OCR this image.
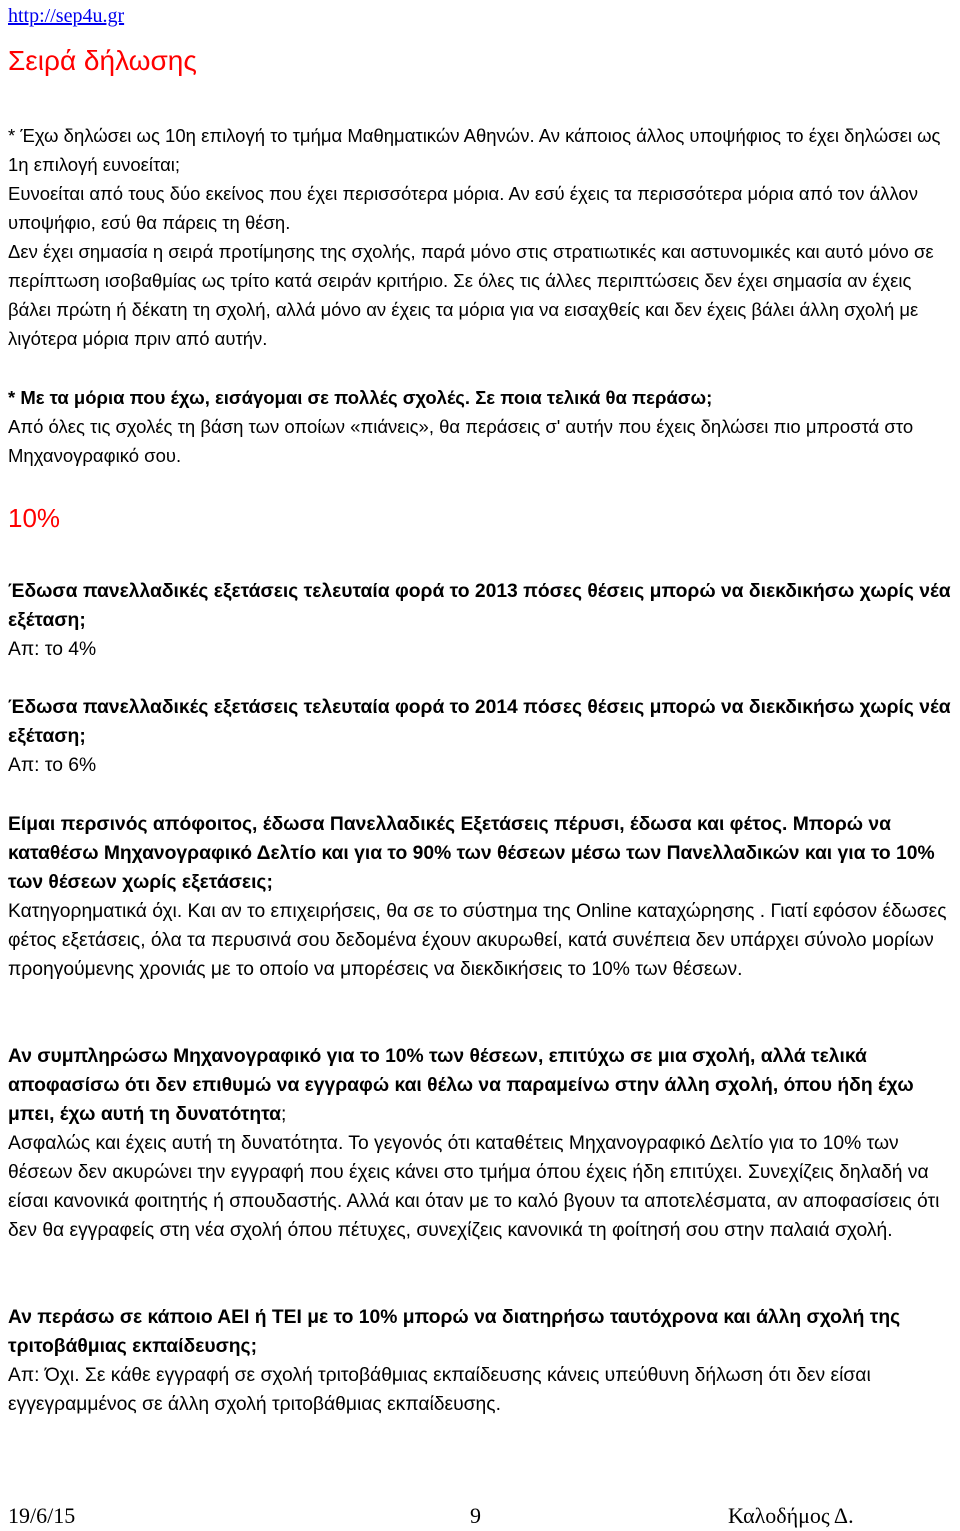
http://sep4u.gr
Σειρά δήλωσης
* Έχω δηλώσει ως 10η επιλογή το τμήμα Μαθηματικών Αθηνών. Αν κάποιος άλλος υποψήφιος το έχει δηλώσει ως 1η επιλογή ευνοείται;
Ευνοείται από τους δύο εκείνος που έχει περισσότερα μόρια. Αν εσύ έχεις τα περισσότερα μόρια από τον άλλον υποψήφιο, εσύ θα πάρεις τη θέση.
Δεν έχει σημασία η σειρά προτίμησης της σχολής, παρά μόνο στις στρατιωτικές και αστυνομικές και αυτό μόνο σε περίπτωση ισοβαθμίας ως τρίτο κατά σειράν κριτήριο. Σε όλες τις άλλες περιπτώσεις δεν έχει σημασία αν έχεις βάλει πρώτη ή δέκατη τη σχολή, αλλά μόνο αν έχεις τα μόρια για να εισαχθείς και δεν έχεις βάλει άλλη σχολή με λιγότερα μόρια πριν από αυτήν.
* Με τα μόρια που έχω, εισάγομαι σε πολλές σχολές. Σε ποια τελικά θα περάσω;
Από όλες τις σχολές τη βάση των οποίων «πιάνεις», θα περάσεις σ' αυτήν που έχεις δηλώσει πιο μπροστά στο Μηχανογραφικό σου.
10%
Έδωσα πανελλαδικές εξετάσεις τελευταία φορά το 2013 πόσες θέσεις μπορώ να διεκδικήσω χωρίς νέα εξέταση;
Απ: το 4%
Έδωσα πανελλαδικές εξετάσεις τελευταία φορά το 2014 πόσες θέσεις μπορώ να διεκδικήσω χωρίς νέα εξέταση;
Απ: το 6%
Είμαι περσινός απόφοιτος, έδωσα Πανελλαδικές Εξετάσεις πέρυσι, έδωσα και φέτος. Μπορώ να καταθέσω Μηχανογραφικό Δελτίο και για το 90% των θέσεων μέσω των Πανελλαδικών και για το 10% των θέσεων χωρίς εξετάσεις;
Κατηγορηματικά όχι. Και αν το επιχειρήσεις, θα σε το σύστημα της Online καταχώρησης . Γιατί εφόσον έδωσες φέτος εξετάσεις, όλα τα περυσινά σου δεδομένα έχουν ακυρωθεί, κατά συνέπεια δεν υπάρχει σύνολο μορίων προηγούμενης χρονιάς με το οποίο να μπορέσεις να διεκδικήσεις το 10% των θέσεων.
Αν συμπληρώσω Μηχανογραφικό για το 10% των θέσεων, επιτύχω σε μια σχολή, αλλά τελικά αποφασίσω ότι δεν επιθυμώ να εγγραφώ και θέλω να παραμείνω στην άλλη σχολή, όπου ήδη έχω μπει, έχω αυτή τη δυνατότητα;
Ασφαλώς και έχεις αυτή τη δυνατότητα. Το γεγονός ότι καταθέτεις Μηχανογραφικό Δελτίο για το 10% των θέσεων δεν ακυρώνει την εγγραφή που έχεις κάνει στο τμήμα όπου έχεις ήδη επιτύχει. Συνεχίζεις δηλαδή να είσαι κανονικά φοιτητής ή σπουδαστής. Αλλά και όταν με το καλό βγουν τα αποτελέσματα, αν αποφασίσεις ότι δεν θα εγγραφείς στη νέα σχολή όπου πέτυχες, συνεχίζεις κανονικά τη φοίτησή σου στην παλαιά σχολή.
Αν περάσω σε κάποιο ΑΕΙ ή ΤΕΙ με το 10% μπορώ να διατηρήσω ταυτόχρονα και άλλη σχολή της τριτοβάθμιας εκπαίδευσης;
Απ: Όχι. Σε κάθε εγγραφή σε σχολή τριτοβάθμιας εκπαίδευσης κάνεις υπεύθυνη δήλωση ότι δεν είσαι εγγεγραμμένος σε άλλη σχολή τριτοβάθμιας εκπαίδευσης.
19/6/15	9	Καλοδήμος Δ.
